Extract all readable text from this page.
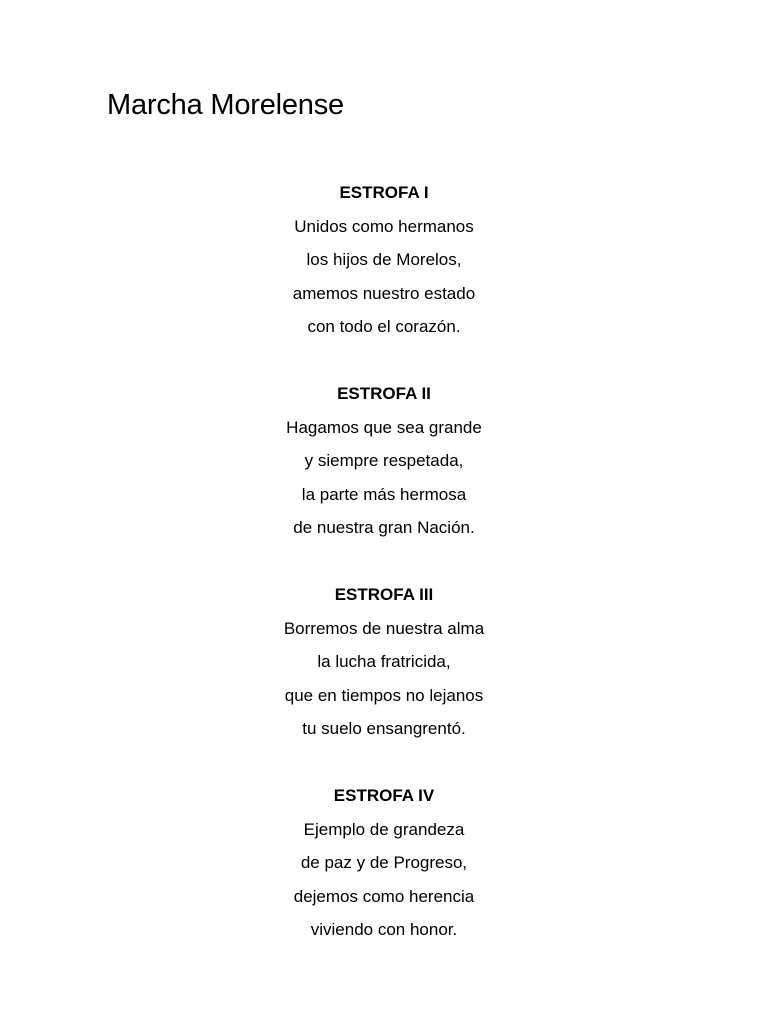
Marcha Morelense
ESTROFA I
Unidos como hermanos
los hijos de Morelos,
amemos nuestro estado
con todo el corazón.
ESTROFA II
Hagamos que sea grande
y siempre respetada,
la parte más hermosa
de nuestra gran Nación.
ESTROFA III
Borremos de nuestra alma
la lucha fratricida,
que en tiempos no lejanos
tu suelo ensangrentó.
ESTROFA IV
Ejemplo de grandeza
de paz y de Progreso,
dejemos como herencia
viviendo con honor.
